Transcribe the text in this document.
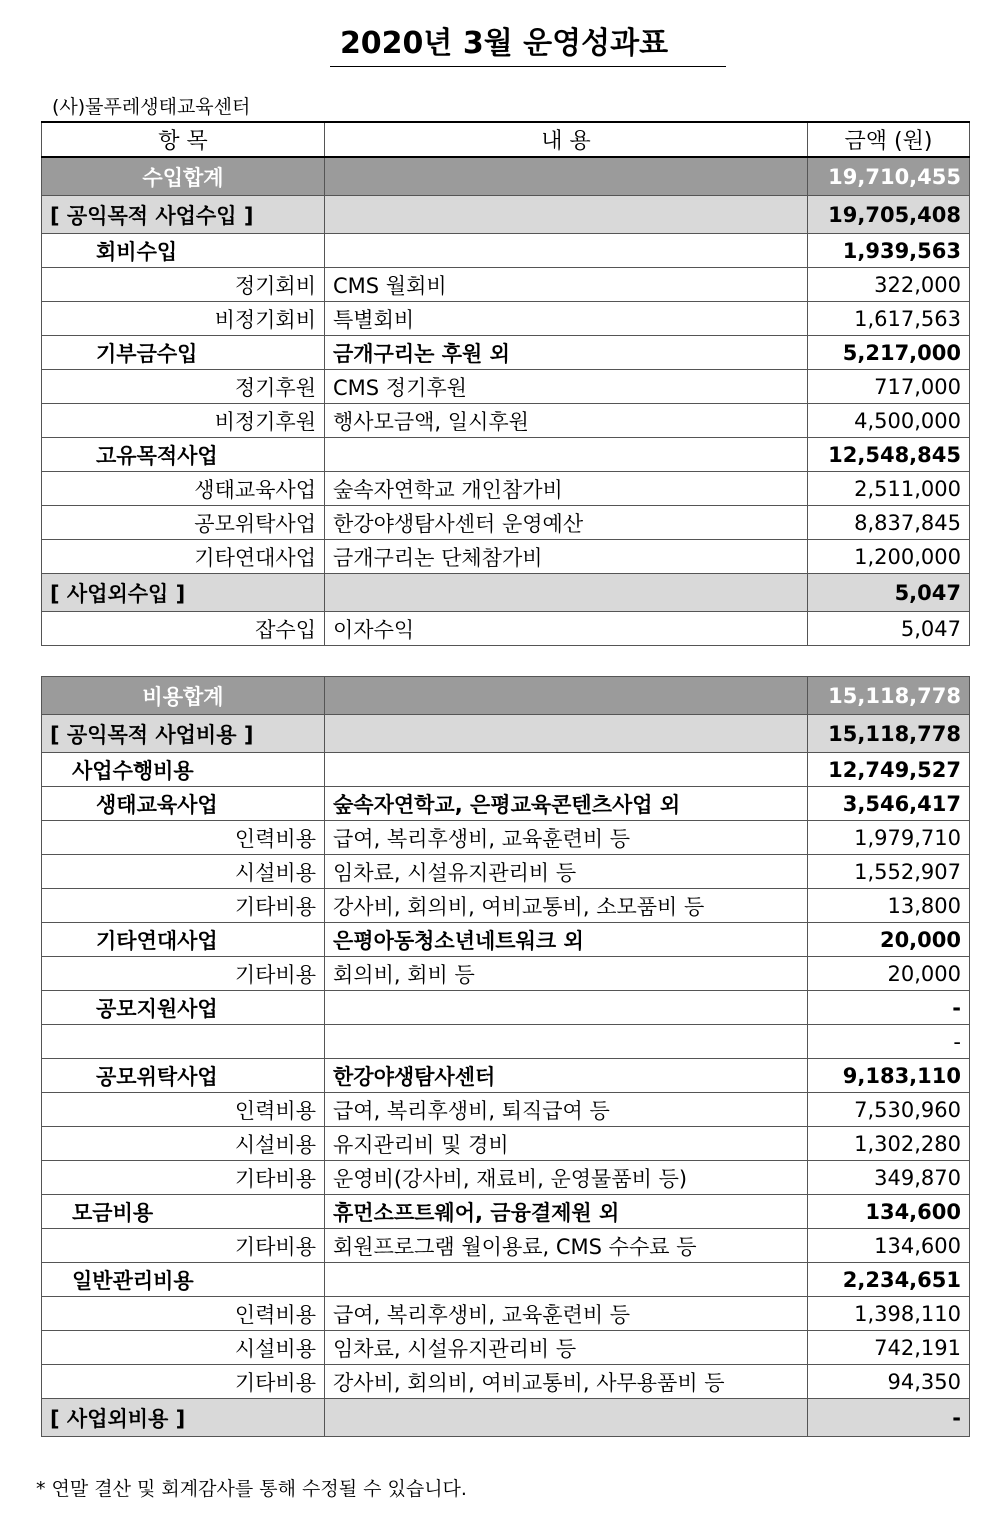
2020년 3월 운영성과표
(사)물푸레생태교육센터
항 목	내 용	금액 (원)
수입합계		19,710,455
[ 공익목적 사업수입 ]		19,705,408
회비수입		1,939,563
정기회비	CMS 월회비	322,000
비정기회비	특별회비	1,617,563
기부금수입	금개구리논 후원 외	5,217,000
정기후원	CMS 정기후원	717,000
비정기후원	행사모금액, 일시후원	4,500,000
고유목적사업		12,548,845
생태교육사업	숲속자연학교 개인참가비	2,511,000
공모위탁사업	한강야생탐사센터 운영예산	8,837,845
기타연대사업	금개구리논 단체참가비	1,200,000
[ 사업외수입 ]		5,047
잡수입	이자수익	5,047
비용합계		15,118,778
[ 공익목적 사업비용 ]		15,118,778
사업수행비용		12,749,527
생태교육사업	숲속자연학교, 은평교육콘텐츠사업 외	3,546,417
인력비용	급여, 복리후생비, 교육훈련비 등	1,979,710
시설비용	임차료, 시설유지관리비 등	1,552,907
기타비용	강사비, 회의비, 여비교통비, 소모품비 등	13,800
기타연대사업	은평아동청소년네트워크 외	20,000
기타비용	회의비, 회비 등	20,000
공모지원사업		-
		-
공모위탁사업	한강야생탐사센터	9,183,110
인력비용	급여, 복리후생비, 퇴직급여 등	7,530,960
시설비용	유지관리비 및 경비	1,302,280
기타비용	운영비(강사비, 재료비, 운영물품비 등)	349,870
모금비용	휴먼소프트웨어, 금융결제원 외	134,600
기타비용	회원프로그램 월이용료, CMS 수수료 등	134,600
일반관리비용		2,234,651
인력비용	급여, 복리후생비, 교육훈련비 등	1,398,110
시설비용	임차료, 시설유지관리비 등	742,191
기타비용	강사비, 회의비, 여비교통비, 사무용품비 등	94,350
[ 사업외비용 ]		-
* 연말 결산 및 회계감사를 통해 수정될 수 있습니다.
